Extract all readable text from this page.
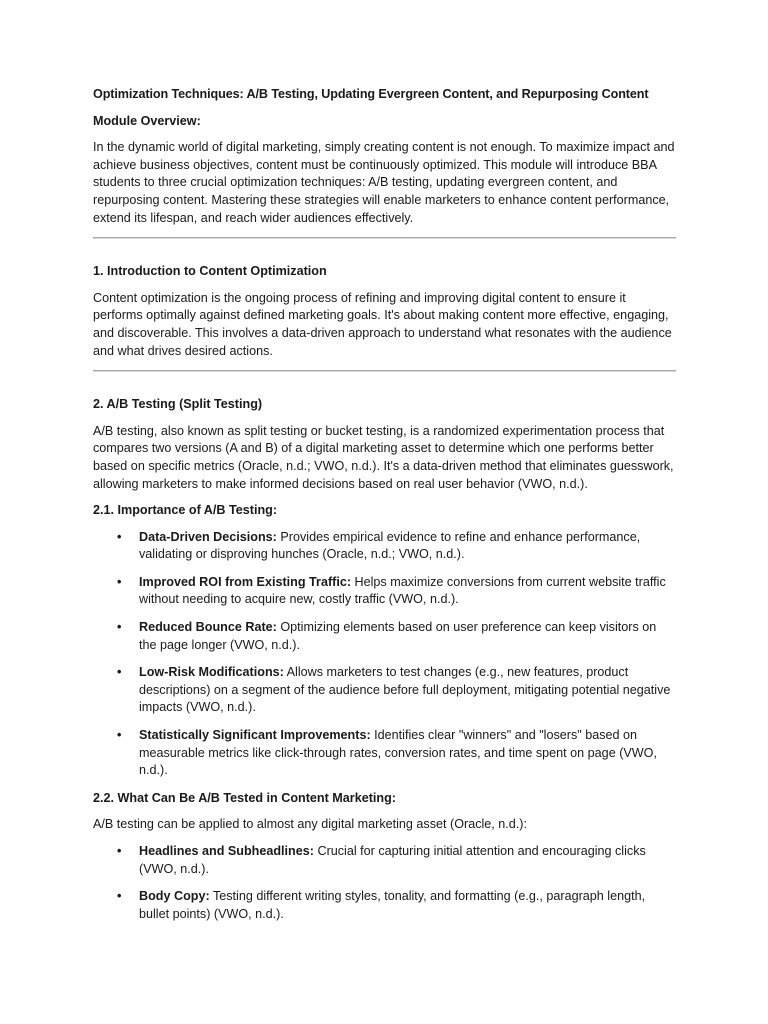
Optimization Techniques: A/B Testing, Updating Evergreen Content, and Repurposing Content
Module Overview:

In the dynamic world of digital marketing, simply creating content is not enough. To maximize impact and achieve business objectives, content must be continuously optimized. This module will introduce BBA students to three crucial optimization techniques: A/B testing, updating evergreen content, and repurposing content. Mastering these strategies will enable marketers to enhance content performance, extend its lifespan, and reach wider audiences effectively.

1. Introduction to Content Optimization

Content optimization is the ongoing process of refining and improving digital content to ensure it performs optimally against defined marketing goals. It's about making content more effective, engaging, and discoverable. This involves a data-driven approach to understand what resonates with the audience and what drives desired actions.

2. A/B Testing (Split Testing)

A/B testing, also known as split testing or bucket testing, is a randomized experimentation process that compares two versions (A and B) of a digital marketing asset to determine which one performs better based on specific metrics (Oracle, n.d.; VWO, n.d.). It's a data-driven method that eliminates guesswork, allowing marketers to make informed decisions based on real user behavior (VWO, n.d.).

2.1. Importance of A/B Testing:
• Data-Driven Decisions: Provides empirical evidence to refine and enhance performance, validating or disproving hunches (Oracle, n.d.; VWO, n.d.).
• Improved ROI from Existing Traffic: Helps maximize conversions from current website traffic without needing to acquire new, costly traffic (VWO, n.d.).
• Reduced Bounce Rate: Optimizing elements based on user preference can keep visitors on the page longer (VWO, n.d.).
• Low-Risk Modifications: Allows marketers to test changes (e.g., new features, product descriptions) on a segment of the audience before full deployment, mitigating potential negative impacts (VWO, n.d.).
• Statistically Significant Improvements: Identifies clear "winners" and "losers" based on measurable metrics like click-through rates, conversion rates, and time spent on page (VWO, n.d.).
2.2. What Can Be A/B Tested in Content Marketing:

A/B testing can be applied to almost any digital marketing asset (Oracle, n.d.):

• Headlines and Subheadlines: Crucial for capturing initial attention and encouraging clicks (VWO, n.d.).
• Body Copy: Testing different writing styles, tonality, and formatting (e.g., paragraph length, bullet points) (VWO, n.d.).
